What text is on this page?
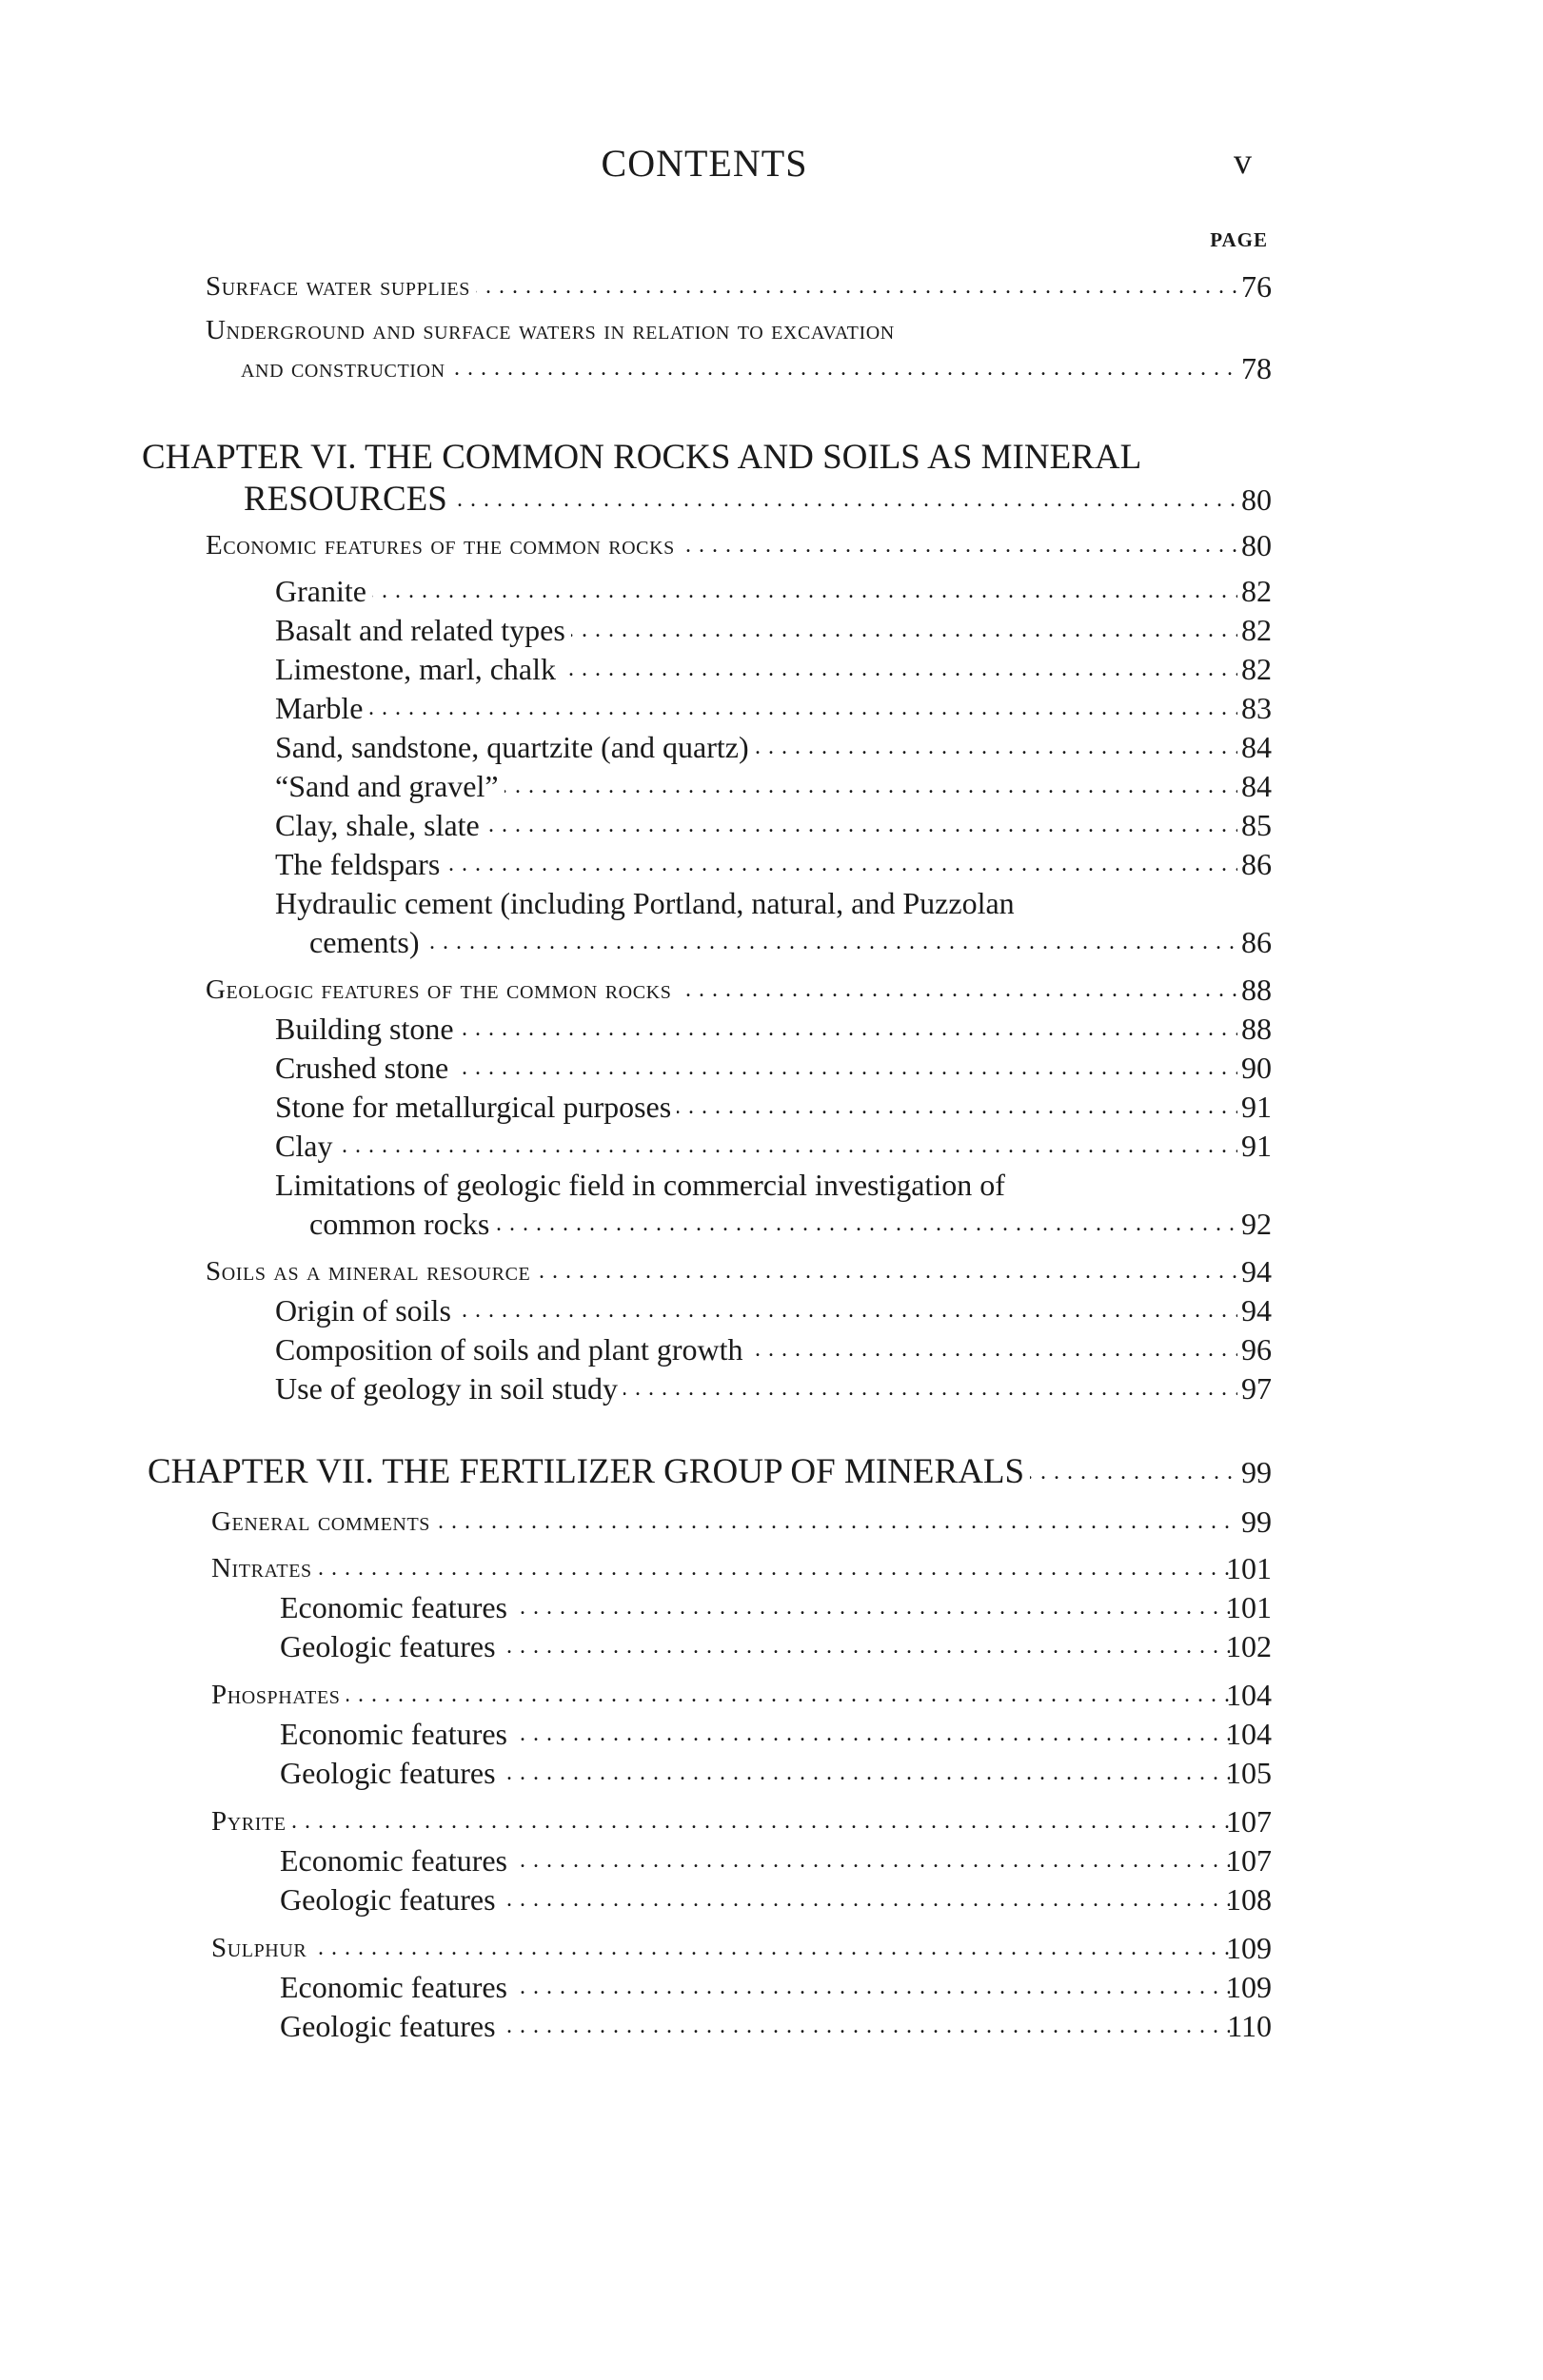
CONTENTS	v
PAGE
Surface water supplies . . .	76
Underground and surface waters in relation to excavation
and construction . . .	78
CHAPTER VI. THE COMMON ROCKS AND SOILS AS MINERAL
RESOURCES . . .	80
Economic features of the common rocks . . .	80
Granite . . .	82
Basalt and related types . . .	82
Limestone, marl, chalk . . .	82
Marble . . .	83
Sand, sandstone, quartzite (and quartz) . . .	84
“Sand and gravel” . . .	84
Clay, shale, slate . . .	85
The feldspars . . .	86
Hydraulic cement (including Portland, natural, and Puzzolan
cements) . . .	86
Geologic features of the common rocks . . .	88
Building stone . . .	88
Crushed stone . . .	90
Stone for metallurgical purposes . . .	91
Clay . . .	91
Limitations of geologic field in commercial investigation of
common rocks . . .	92
Soils as a mineral resource . . .	94
Origin of soils . . .	94
Composition of soils and plant growth . . .	96
Use of geology in soil study . . .	97
CHAPTER VII. THE FERTILIZER GROUP OF MINERALS . . .	99
General comments . . .	99
Nitrates . . .	101
Economic features . . .	101
Geologic features . . .	102
Phosphates . . .	104
Economic features . . .	104
Geologic features . . .	105
Pyrite . . .	107
Economic features . . .	107
Geologic features . . .	108
Sulphur . . .	109
Economic features . . .	109
Geologic features . . .	110
